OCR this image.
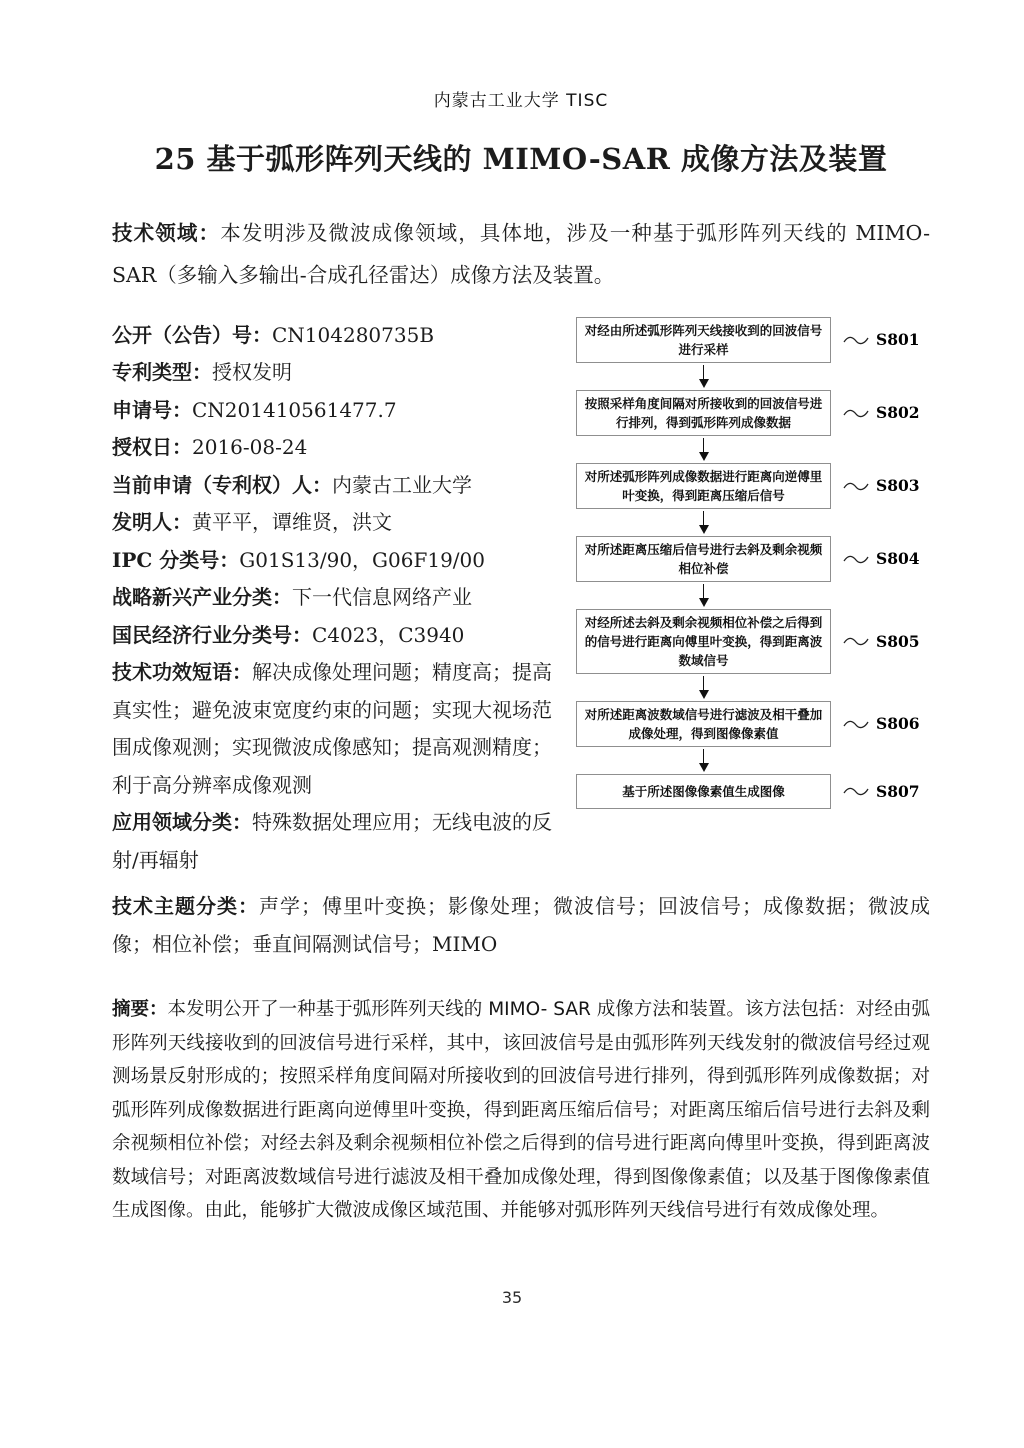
内蒙古工业大学 TISC
25 基于弧形阵列天线的 MIMO-SAR 成像方法及装置

技术领域：本发明涉及微波成像领域，具体地，涉及一种基于弧形阵列天线的 MIMO-SAR（多输入多输出-合成孔径雷达）成像方法及装置。

公开（公告）号：CN104280735B

专利类型：授权发明

申请号：CN201410561477.7

授权日：2016-08-24

当前申请（专利权）人：内蒙古工业大学

发明人：黄平平，谭维贤，洪文

IPC 分类号：G01S13/90，G06F19/00

战略新兴产业分类：下一代信息网络产业

国民经济行业分类号：C4023，C3940

技术功效短语：解决成像处理问题；精度高；提高真实性；避免波束宽度约束的问题；实现大视场范围成像观测；实现微波成像感知；提高观测精度；利于高分辨率成像观测

应用领域分类：特殊数据处理应用；无线电波的反射/再辐射

对经由所述弧形阵列天线接收到的回波信号进行采样	S801
按照采样角度间隔对所接收到的回波信号进行排列，得到弧形阵列成像数据	S802
对所述弧形阵列成像数据进行距离向逆傅里叶变换，得到距离压缩后信号	S803
对所述距离压缩后信号进行去斜及剩余视频相位补偿	S804
对经所述去斜及剩余视频相位补偿之后得到的信号进行距离向傅里叶变换，得到距离波数域信号
S805
对所述距离波数域信号进行滤波及相干叠加成像处理，得到图像像素值	S806
基于所述图像像素值生成图像	S807

技术主题分类：声学；傅里叶变换；影像处理；微波信号；回波信号；成像数据；微波成像；相位补偿；垂直间隔测试信号；MIMO

摘要：本发明公开了一种基于弧形阵列天线的 MIMO- SAR 成像方法和装置。该方法包括：对经由弧形阵列天线接收到的回波信号进行采样，其中，该回波信号是由弧形阵列天线发射的微波信号经过观测场景反射形成的；按照采样角度间隔对所接收到的回波信号进行排列，得到弧形阵列成像数据；对弧形阵列成像数据进行距离向逆傅里叶变换，得到距离压缩后信号；对距离压缩后信号进行去斜及剩余视频相位补偿；对经去斜及剩余视频相位补偿之后得到的信号进行距离向傅里叶变换，得到距离波数域信号；对距离波数域信号进行滤波及相干叠加成像处理，得到图像像素值；以及基于图像像素值生成图像。由此，能够扩大微波成像区域范围、并能够对弧形阵列天线信号进行有效成像处理。

35
